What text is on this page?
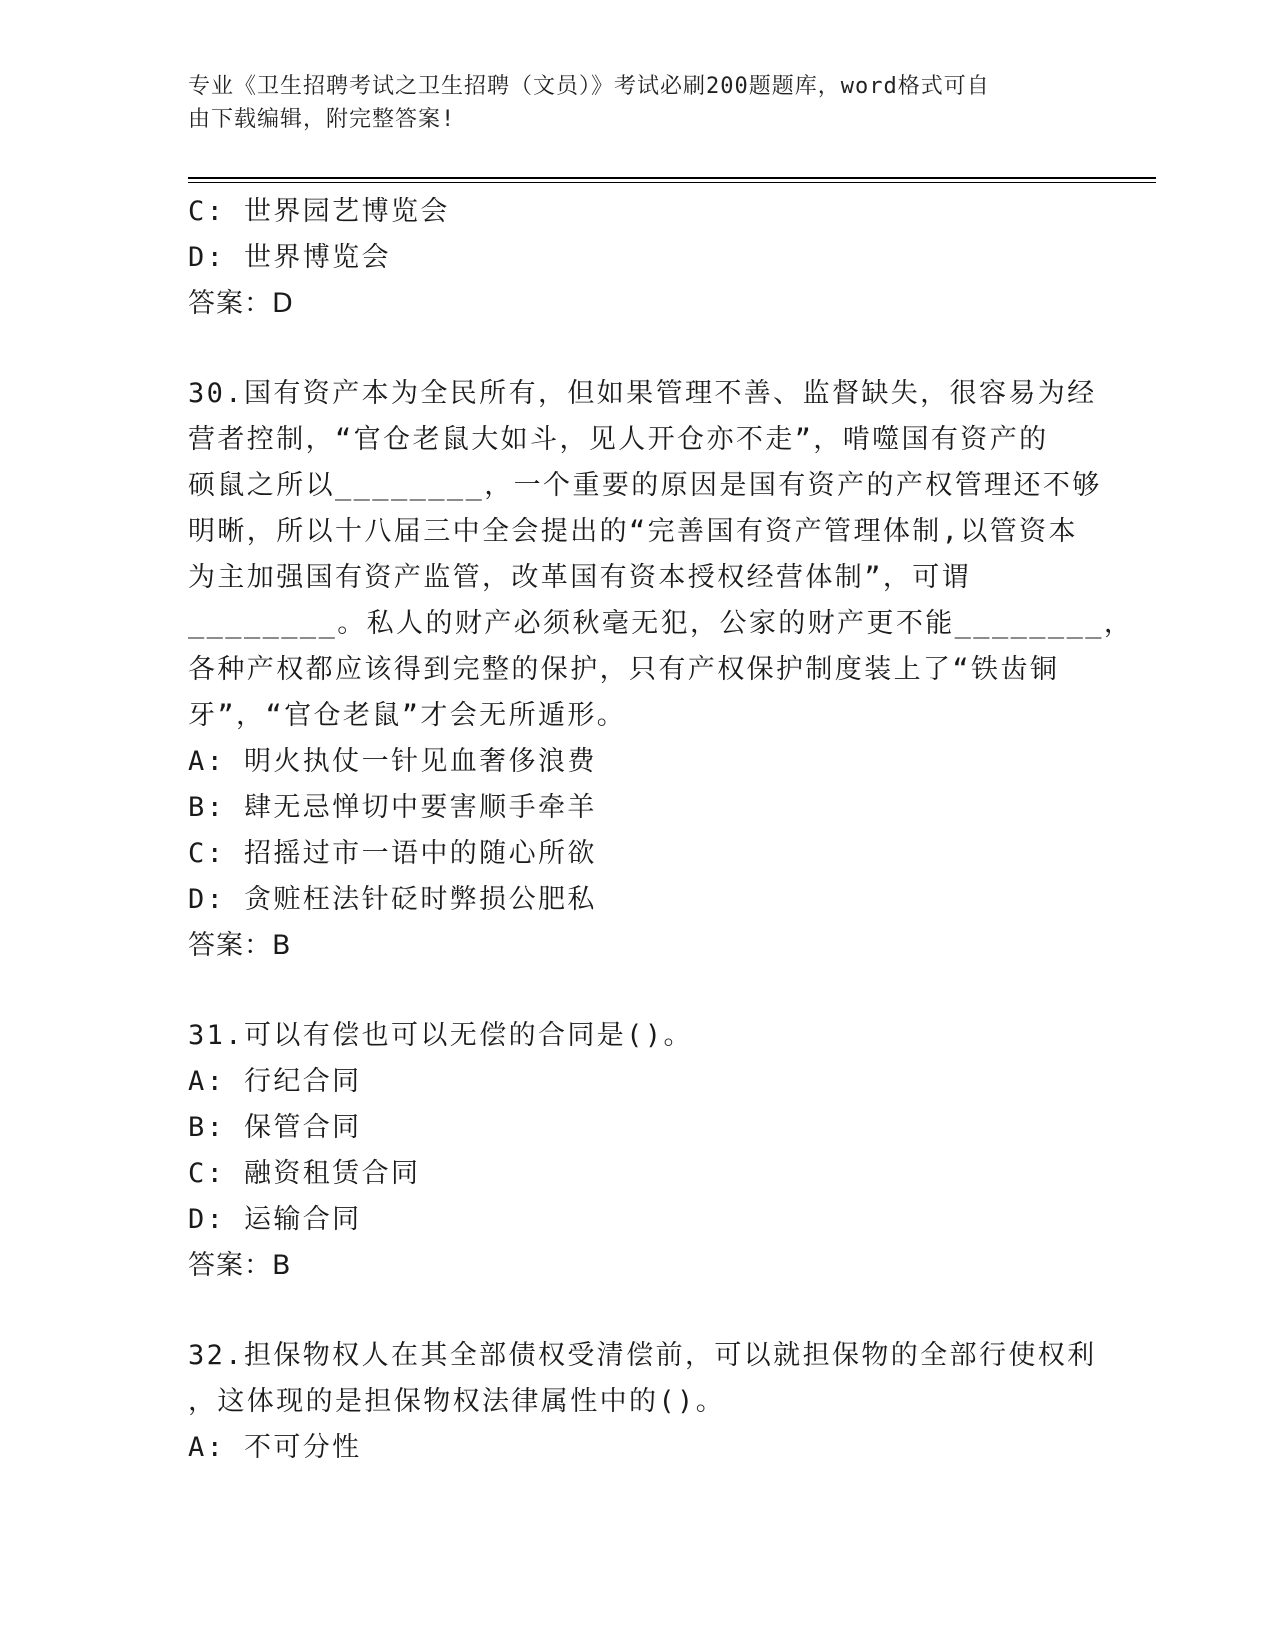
专业《卫生招聘考试之卫生招聘（文员）》考试必刷200题题库，word格式可自
由下载编辑，附完整答案!
C: 世界园艺博览会
D: 世界博览会
答案：D
30.国有资产本为全民所有，但如果管理不善、监督缺失，很容易为经
营者控制，“官仓老鼠大如斗，见人开仓亦不走”，啃噬国有资产的
硕鼠之所以________，一个重要的原因是国有资产的产权管理还不够
明晰，所以十八届三中全会提出的“完善国有资产管理体制,以管资本
为主加强国有资产监管，改革国有资本授权经营体制”，可谓
________。私人的财产必须秋毫无犯，公家的财产更不能________，
各种产权都应该得到完整的保护，只有产权保护制度装上了“铁齿铜
牙”，“官仓老鼠”才会无所遁形。
A: 明火执仗一针见血奢侈浪费
B: 肆无忌惮切中要害顺手牵羊
C: 招摇过市一语中的随心所欲
D: 贪赃枉法针砭时弊损公肥私
答案：B
31.可以有偿也可以无偿的合同是()。
A: 行纪合同
B: 保管合同
C: 融资租赁合同
D: 运输合同
答案：B
32.担保物权人在其全部债权受清偿前，可以就担保物的全部行使权利
，这体现的是担保物权法律属性中的()。
A: 不可分性
